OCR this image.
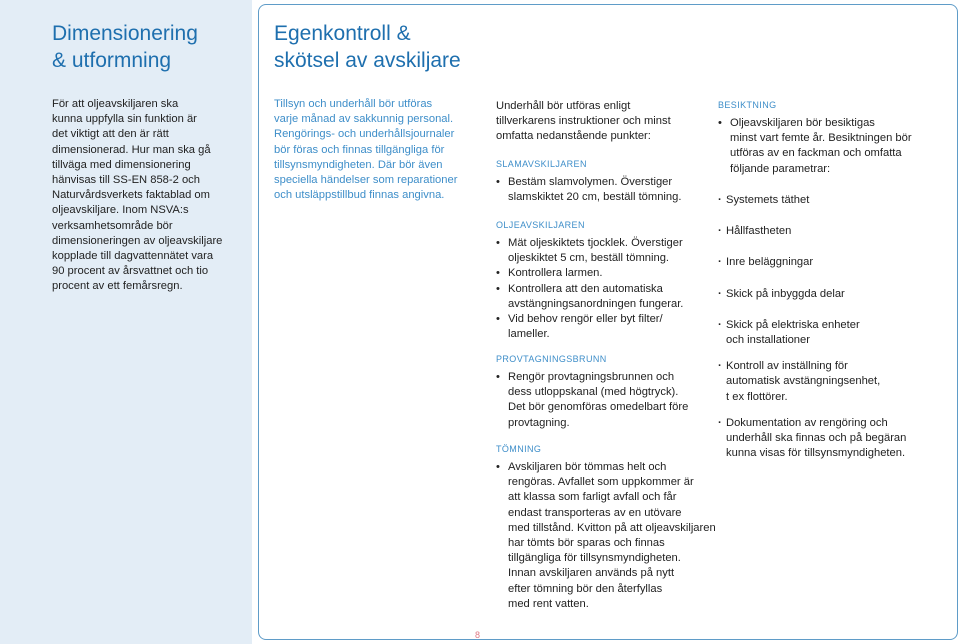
Dimensionering
& utformning

För att oljeavskiljaren ska

kunna uppfylla sin funktion är

det viktigt att den är rätt

dimensionerad. Hur man ska gå

tillväga med dimensionering

hänvisas till SS-EN 858-2 och

Naturvårdsverkets faktablad om

oljeavskiljare. Inom NSVA:s

verksamhetsområde bör

dimensioneringen av oljeavskiljare

kopplade till dagvattennätet vara

90 procent av årsvattnet och tio

procent av ett femårsregn.

Egenkontroll &
skötsel av avskiljare

Tillsyn och underhåll bör utföras

varje månad av sakkunnig personal.

Rengörings- och underhållsjournaler

bör föras och finnas tillgängliga för

tillsynsmyndigheten. Där bör även

speciella händelser som reparationer

och utsläppstillbud finnas angivna.

Underhåll bör utföras enligt

tillverkarens instruktioner och minst

omfatta nedanstående punkter:

SLAMAVSKILJAREN

• Bestäm slamvolymen. Överstiger

slamskiktet 20 cm, beställ tömning.

OLJEAVSKILJAREN

• Mät oljeskiktets tjocklek. Överstiger

oljeskiktet 5 cm, beställ tömning.

• Kontrollera larmen.

• Kontrollera att den automatiska

avstängningsanordningen fungerar.

• Vid behov rengör eller byt filter/

lameller.

PROVTAGNINGSBRUNN

• Rengör provtagningsbrunnen och

dess utloppskanal (med högtryck).

Det bör genomföras omedelbart före

provtagning.

TÖMNING

• Avskiljaren bör tömmas helt och

rengöras. Avfallet som uppkommer är

att klassa som farligt avfall och får

endast transporteras av en utövare

med tillstånd. Kvitton på att oljeavskiljaren

har tömts bör sparas och finnas

tillgängliga för tillsynsmyndigheten.

Innan avskiljaren används på nytt

efter tömning bör den återfyllas

med rent vatten.

BESIKTNING

• Oljeavskiljaren bör besiktigas

minst vart femte år. Besiktningen bör

utföras av en fackman och omfatta

följande parametrar:

· Systemets täthet

· Hållfastheten

· Inre beläggningar

· Skick på inbyggda delar

· Skick på elektriska enheter

och installationer

· Kontroll av inställning för

automatisk avstängningsenhet,

t ex flottörer.

· Dokumentation av rengöring och

underhåll ska finnas och på begäran

kunna visas för tillsynsmyndigheten.

8
